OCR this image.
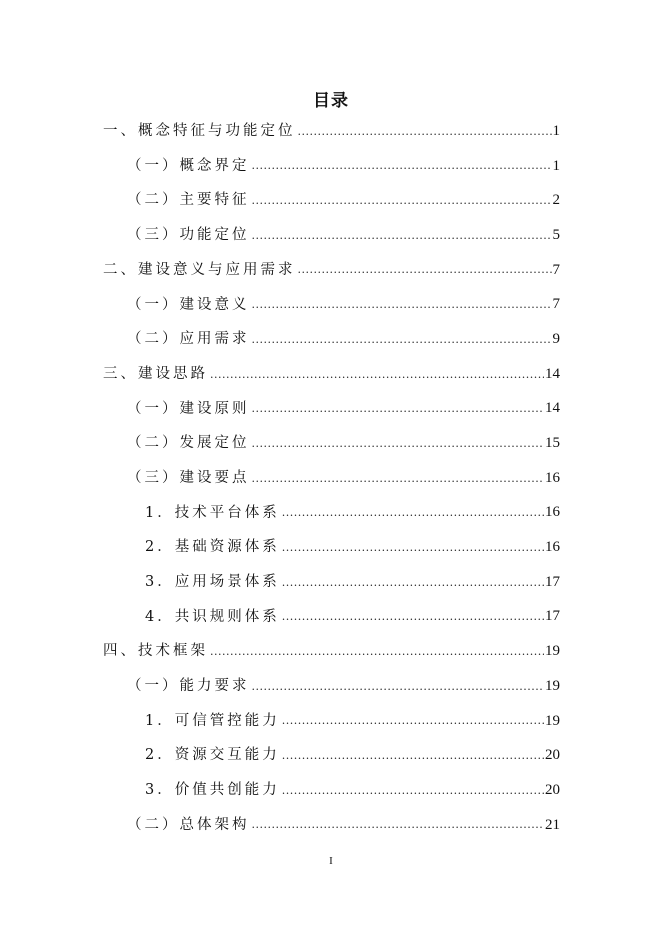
目录
一、概念特征与功能定位 .....	1
（一）概念界定 .....	1
（二）主要特征 .....	2
（三）功能定位 .....	5
二、建设意义与应用需求 .....	7
（一）建设意义 .....	7
（二）应用需求 .....	9
三、建设思路 .....	14
（一）建设原则 .....	14
（二）发展定位 .....	15
（三）建设要点 .....	16
1．技术平台体系 .....	16
2．基础资源体系 .....	16
3．应用场景体系 .....	17
4．共识规则体系 .....	17
四、技术框架 .....	19
（一）能力要求 .....	19
1．可信管控能力 .....	19
2．资源交互能力 .....	20
3．价值共创能力 .....	20
（二）总体架构 .....	21
I
